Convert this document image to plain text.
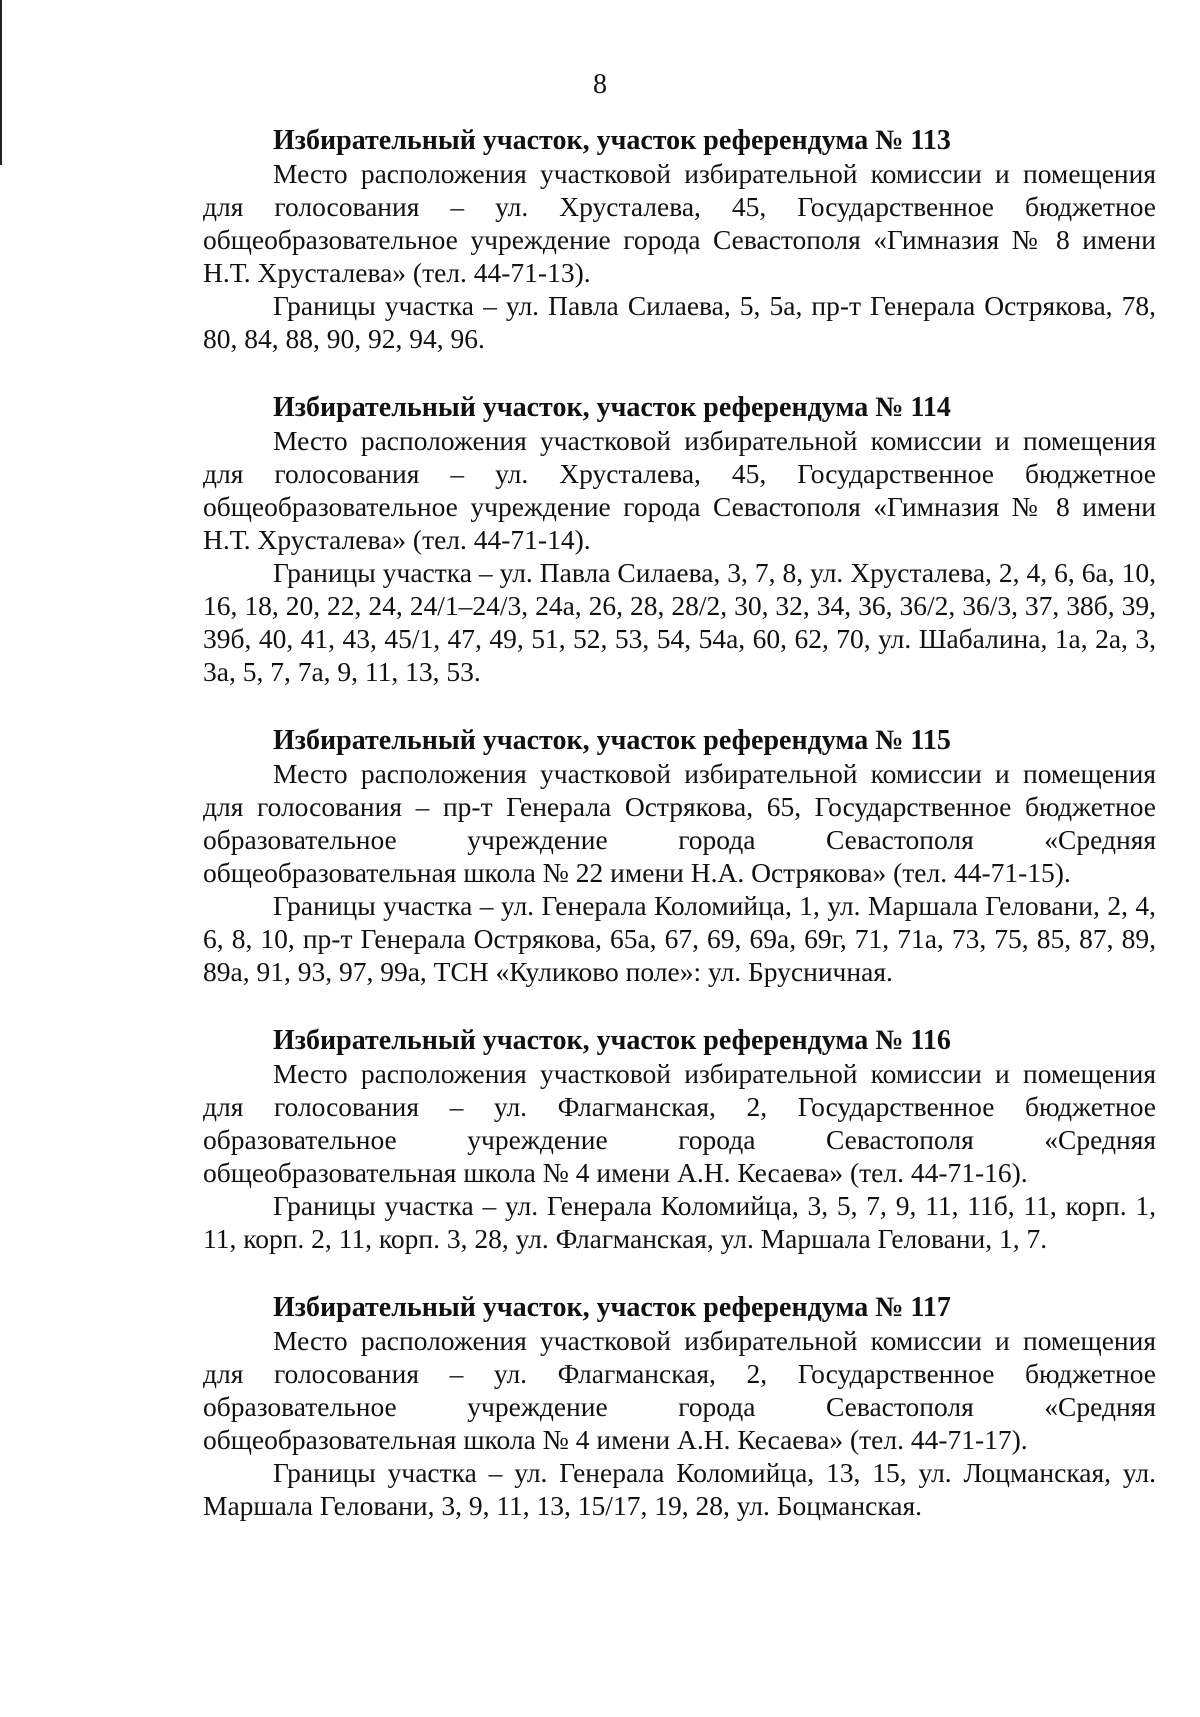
8

Избирательный участок, участок референдума № 113

Место расположения участковой избирательной комиссии и помещения для голосования – ул. Хрусталева, 45, Государственное бюджетное общеобразовательное учреждение города Севастополя «Гимназия № 8 имени Н.Т. Хрусталева» (тел. 44-71-13).

Границы участка – ул. Павла Силаева, 5, 5а, пр-т Генерала Острякова, 78, 80, 84, 88, 90, 92, 94, 96.

Избирательный участок, участок референдума № 114

Место расположения участковой избирательной комиссии и помещения для голосования – ул. Хрусталева, 45, Государственное бюджетное общеобразовательное учреждение города Севастополя «Гимназия № 8 имени Н.Т. Хрусталева» (тел. 44-71-14).

Границы участка – ул. Павла Силаева, 3, 7, 8, ул. Хрусталева, 2, 4, 6, 6а, 10, 16, 18, 20, 22, 24, 24/1–24/3, 24а, 26, 28, 28/2, 30, 32, 34, 36, 36/2, 36/3, 37, 38б, 39, 39б, 40, 41, 43, 45/1, 47, 49, 51, 52, 53, 54, 54а, 60, 62, 70, ул. Шабалина, 1а, 2а, 3, 3а, 5, 7, 7а, 9, 11, 13, 53.

Избирательный участок, участок референдума № 115

Место расположения участковой избирательной комиссии и помещения для голосования – пр-т Генерала Острякова, 65, Государственное бюджетное образовательное учреждение города Севастополя «Средняя общеобразовательная школа № 22 имени Н.А. Острякова» (тел. 44-71-15).

Границы участка – ул. Генерала Коломийца, 1, ул. Маршала Геловани, 2, 4, 6, 8, 10, пр-т Генерала Острякова, 65а, 67, 69, 69а, 69г, 71, 71а, 73, 75, 85, 87, 89, 89а, 91, 93, 97, 99а, ТСН «Куликово поле»: ул. Брусничная.

Избирательный участок, участок референдума № 116

Место расположения участковой избирательной комиссии и помещения для голосования – ул. Флагманская, 2, Государственное бюджетное образовательное учреждение города Севастополя «Средняя общеобразовательная школа № 4 имени А.Н. Кесаева» (тел. 44-71-16).

Границы участка – ул. Генерала Коломийца, 3, 5, 7, 9, 11, 11б, 11, корп. 1, 11, корп. 2, 11, корп. 3, 28, ул. Флагманская, ул. Маршала Геловани, 1, 7.

Избирательный участок, участок референдума № 117

Место расположения участковой избирательной комиссии и помещения для голосования – ул. Флагманская, 2, Государственное бюджетное образовательное учреждение города Севастополя «Средняя общеобразовательная школа № 4 имени А.Н. Кесаева» (тел. 44-71-17).

Границы участка – ул. Генерала Коломийца, 13, 15, ул. Лоцманская, ул. Маршала Геловани, 3, 9, 11, 13, 15/17, 19, 28, ул. Боцманская.
